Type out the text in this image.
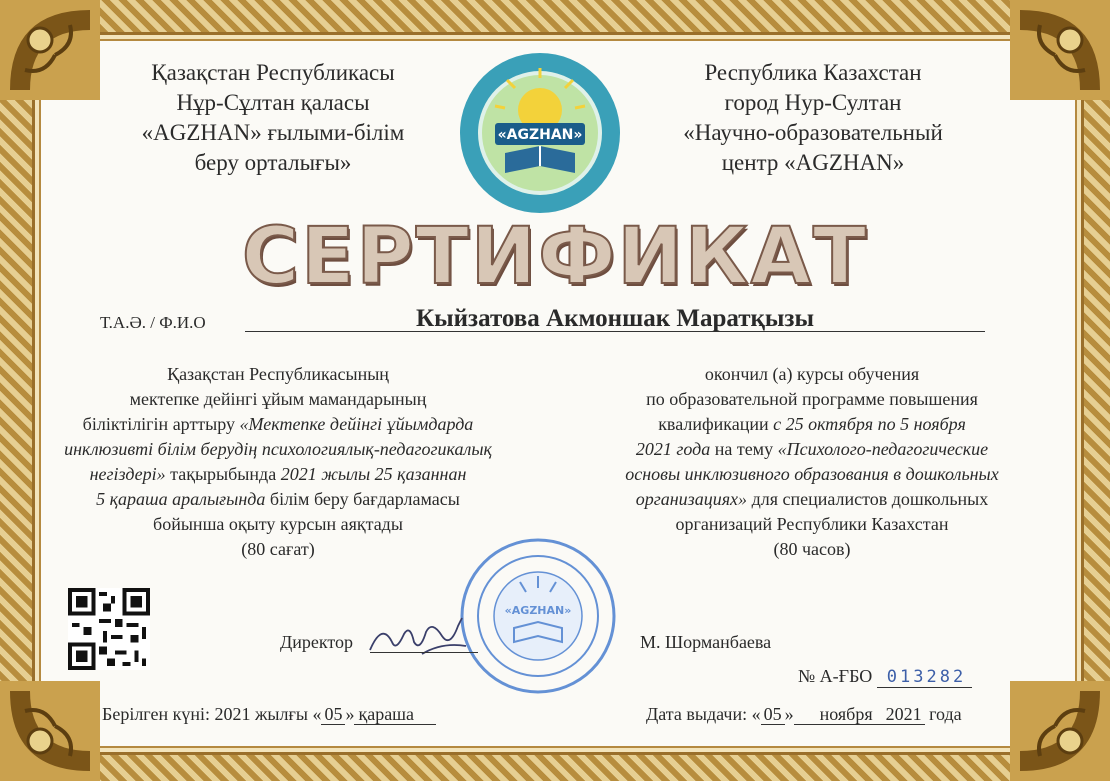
Қазақстан Республикасы
Нұр-Сұлтан қаласы
«AGZHAN» ғылыми-білім
беру орталығы»
«AGZHAN»
Республика Казахстан
город Нур-Султан
«Научно-образовательный
центр «AGZHAN»
СЕРТИФИКАТ
Т.А.Ә. / Ф.И.О	Кыйзатова Акмоншак Маратқызы
Қазақстан Республикасының
мектепке дейінгі ұйым мамандарының
біліктілігін арттыру «Мектепке дейінгі ұйымдарда
инклюзивті білім берудің психологиялық-педагогикалық
негіздері» тақырыбында 2021 жылы 25 қазаннан
5 қараша аралығында білім беру бағдарламасы
бойынша оқыту курсын аяқтады
(80 сағат)
окончил (а) курсы обучения
по образовательной программе повышения
квалификации с 25 октября по 5 ноября
2021 года на тему «Психолого-педагогические
основы инклюзивного образования в дошкольных
организациях» для специалистов дошкольных
организаций Республики Казахстан
(80 часов)
«AGZHAN»
Директор	М. Шорманбаева
№ А-ҒБО 013282
Берілген күні: 2021 жылғы « 05 » қараша	Дата выдачи: « 05 » ноября 2021 года
